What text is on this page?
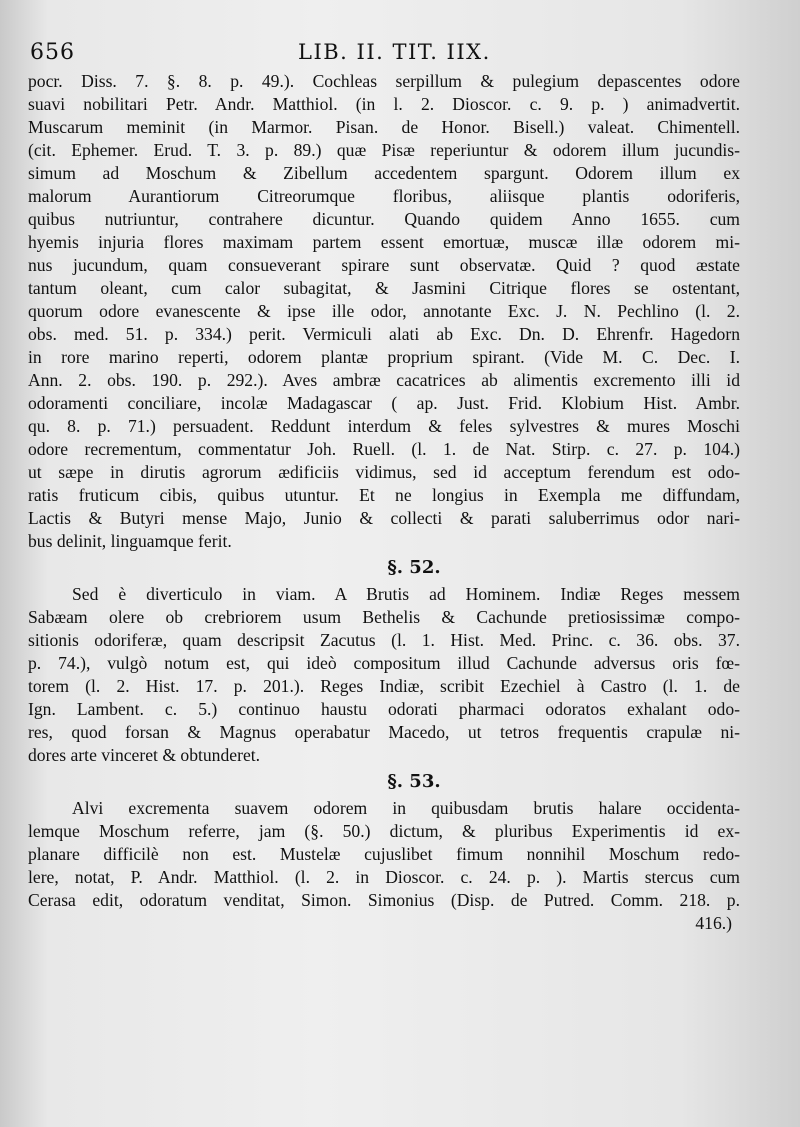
656	LIB. II. TIT. IIX.
pocr. Diss. 7. §. 8. p. 49.). Cochleas serpillum & pulegium depascentes odore
suavi nobilitari Petr. Andr. Matthiol. (in l. 2. Dioscor. c. 9. p. ) animadvertit.
Muscarum meminit (in Marmor. Pisan. de Honor. Bisell.) valeat. Chimentell.
(cit. Ephemer. Erud. T. 3. p. 89.) quæ Pisæ reperiuntur & odorem illum jucundis-
simum ad Moschum & Zibellum accedentem spargunt. Odorem illum ex
malorum Aurantiorum Citreorumque floribus, aliisque plantis odoriferis,
quibus nutriuntur, contrahere dicuntur. Quando quidem Anno 1655. cum
hyemis injuria flores maximam partem essent emortuæ, muscæ illæ odorem mi-
nus jucundum, quam consueverant spirare sunt observatæ. Quid ? quod æstate
tantum oleant, cum calor subagitat, & Jasmini Citrique flores se ostentant,
quorum odore evanescente & ipse ille odor, annotante Exc. J. N. Pechlino (l. 2.
obs. med. 51. p. 334.) perit. Vermiculi alati ab Exc. Dn. D. Ehrenfr. Hagedorn
in rore marino reperti, odorem plantæ proprium spirant. (Vide M. C. Dec. I.
Ann. 2. obs. 190. p. 292.). Aves ambræ cacatrices ab alimentis excremento illi id
odoramenti conciliare, incolæ Madagascar ( ap. Just. Frid. Klobium Hist. Ambr.
qu. 8. p. 71.) persuadent. Reddunt interdum & feles sylvestres & mures Moschi
odore recrementum, commentatur Joh. Ruell. (l. 1. de Nat. Stirp. c. 27. p. 104.)
ut sæpe in dirutis agrorum ædificiis vidimus, sed id acceptum ferendum est odo-
ratis fruticum cibis, quibus utuntur. Et ne longius in Exempla me diffundam,
Lactis & Butyri mense Majo, Junio & collecti & parati saluberrimus odor nari-
bus delinit, linguamque ferit.
§. 52.
Sed è diverticulo in viam. A Brutis ad Hominem. Indiæ Reges messem
Sabæam olere ob crebriorem usum Bethelis & Cachunde pretiosissimæ compo-
sitionis odoriferæ, quam descripsit Zacutus (l. 1. Hist. Med. Princ. c. 36. obs. 37.
p. 74.), vulgò notum est, qui ideò compositum illud Cachunde adversus oris fœ-
torem (l. 2. Hist. 17. p. 201.). Reges Indiæ, scribit Ezechiel à Castro (l. 1. de
Ign. Lambent. c. 5.) continuo haustu odorati pharmaci odoratos exhalant odo-
res, quod forsan & Magnus operabatur Macedo, ut tetros frequentis crapulæ ni-
dores arte vinceret & obtunderet.
§. 53.
Alvi excrementa suavem odorem in quibusdam brutis halare occidenta-
lemque Moschum referre, jam (§. 50.) dictum, & pluribus Experimentis id ex-
planare difficilè non est. Mustelæ cujuslibet fimum nonnihil Moschum redo-
lere, notat, P. Andr. Matthiol. (l. 2. in Dioscor. c. 24. p. ). Martis stercus cum
Cerasa edit, odoratum venditat, Simon. Simonius (Disp. de Putred. Comm. 218. p.
416.)
